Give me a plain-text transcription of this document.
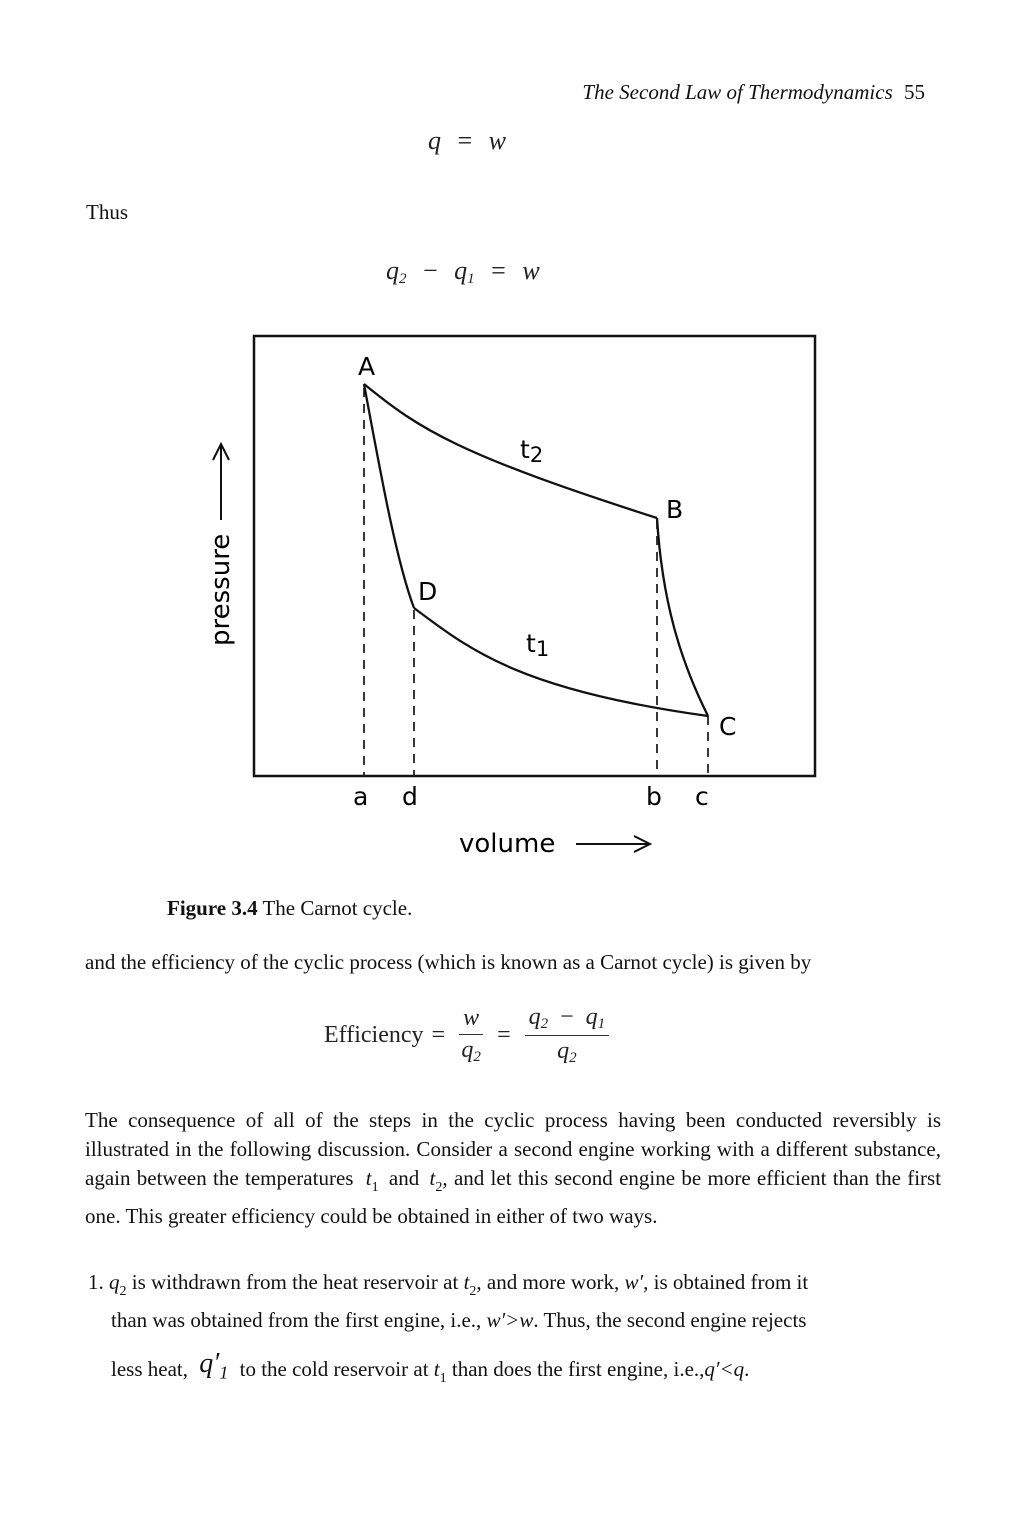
The Second Law of Thermodynamics 55
q = w
Thus
$q_2 - q_1 = w$
A
B
C
D
t2
t1
a d	b c
pressure
volume
Figure 3.4 The Carnot cycle.
and the efficiency of the cyclic process (which is known as a Carnot cycle) is given by
Efficiency = $\frac{w}{q_2} = \frac{q_2 - q_1}{q_2}$
The consequence of all of the steps in the cyclic process having been conducted reversibly is illustrated in the following discussion. Consider a second engine working with a different substance, again between the temperatures $t_1$ and $t_2$, and let this second engine be more efficient than the first one. This greater efficiency could be obtained in either of two ways.
1. $q_2$ is withdrawn from the heat reservoir at $t_2$, and more work, w′, is obtained from it
than was obtained from the first engine, i.e., w′>w. Thus, the second engine rejects
less heat, $q'_1$ to the cold reservoir at $t_1$ than does the first engine, i.e.,q′<q.
